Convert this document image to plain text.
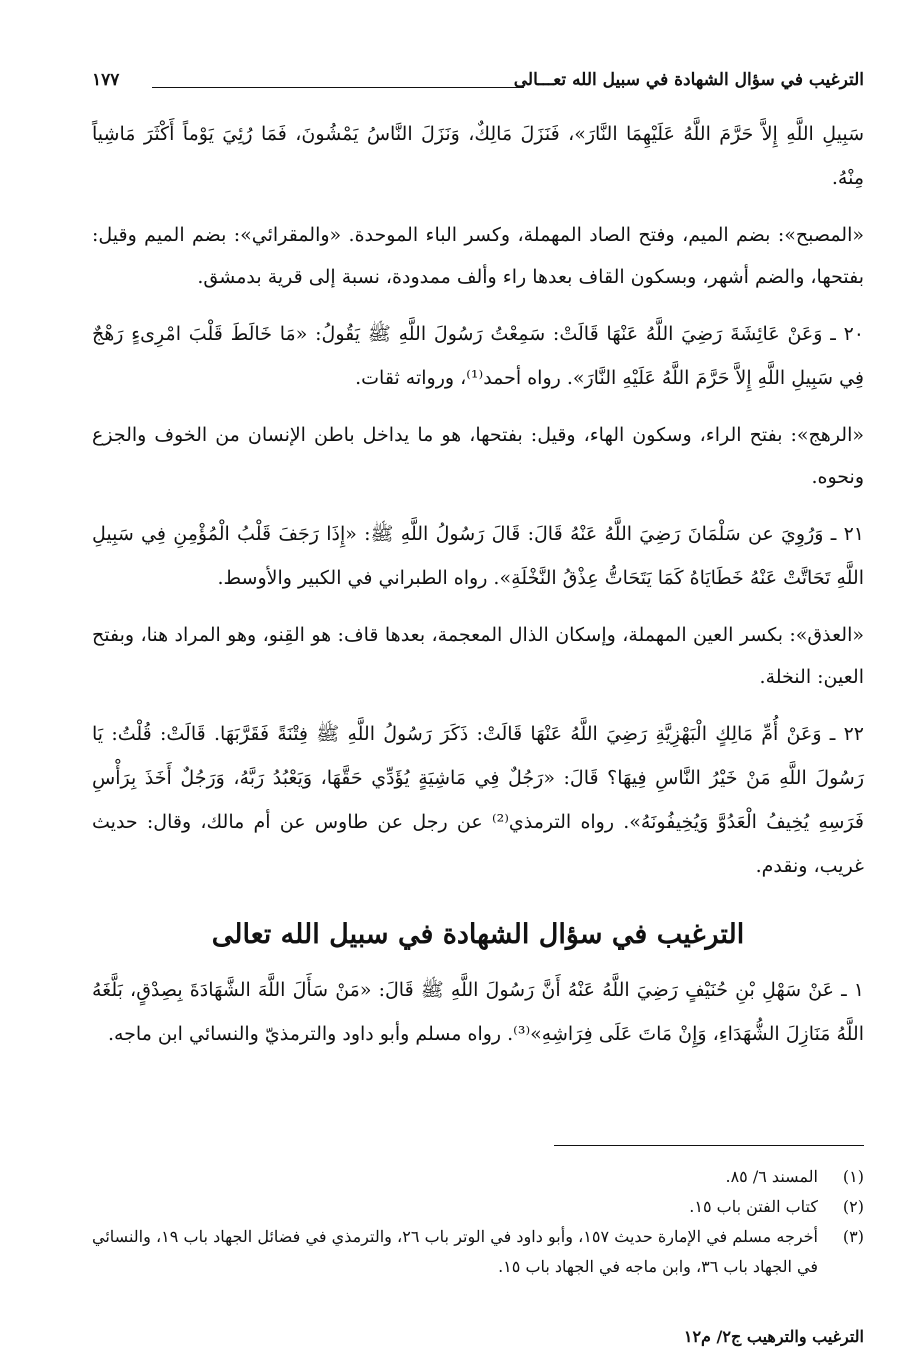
الترغيب في سؤال الشهادة في سبيل الله تعـــالى
١٧٧

سَبِيلِ اللَّهِ إِلاَّ حَرَّمَ اللَّهُ عَلَيْهِمَا النَّارَ»، فَنَزَلَ مَالِكٌ، وَنَزَلَ النَّاسُ يَمْشُونَ، فَمَا رُئِيَ يَوْماً أَكْثَرَ مَاشِياً مِنْهُ.

«المصبح»: بضم الميم، وفتح الصاد المهملة، وكسر الباء الموحدة. «والمقرائي»: بضم الميم وقيل: بفتحها، والضم أشهر، وبسكون القاف بعدها راء وألف ممدودة، نسبة إلى قرية بدمشق.

٢٠ ـ وَعَنْ عَائِشَةَ رَضِيَ اللَّهُ عَنْهَا قَالَتْ: سَمِعْتُ رَسُولَ اللَّهِ ﷺ يَقُولُ: «مَا خَالَطَ قَلْبَ امْرِىءٍ رَهْجٌ فِي سَبِيلِ اللَّهِ إِلاَّ حَرَّمَ اللَّهُ عَلَيْهِ النَّارَ». رواه أحمد⁽¹⁾، ورواته ثقات.

«الرهج»: بفتح الراء، وسكون الهاء، وقيل: بفتحها، هو ما يداخل باطن الإنسان من الخوف والجزع ونحوه.

٢١ ـ وَرُوِيَ عن سَلْمَانَ رَضِيَ اللَّهُ عَنْهُ قَالَ: قَالَ رَسُولُ اللَّهِ ﷺ: «إِذَا رَجَفَ قَلْبُ الْمُؤْمِنِ فِي سَبِيلِ اللَّهِ تَحَاتَّتْ عَنْهُ خَطَايَاهُ كَمَا يَتَحَاتُّ عِذْقُ النَّخْلَةِ». رواه الطبراني في الكبير والأوسط.

«العذق»: بكسر العين المهملة، وإسكان الذال المعجمة، بعدها قاف: هو القِنو، وهو المراد هنا، وبفتح العين: النخلة.

٢٢ ـ وَعَنْ أُمِّ مَالِكٍ الْبَهْزِيَّةِ رَضِيَ اللَّهُ عَنْهَا قَالَتْ: ذَكَرَ رَسُولُ اللَّهِ ﷺ فِتْنَةً فَقَرَّبَهَا. قَالَتْ: قُلْتُ: يَا رَسُولَ اللَّهِ مَنْ خَيْرُ النَّاسِ فِيهَا؟ قَالَ: «رَجُلٌ فِي مَاشِيَةٍ يُؤَدِّي حَقَّهَا، وَيَعْبُدُ رَبَّهُ، وَرَجُلٌ أَخَذَ بِرَأْسِ فَرَسِهِ يُخِيفُ الْعَدُوَّ وَيُخِيفُونَهُ». رواه الترمذي⁽²⁾ عن رجل عن طاوس عن أم مالك، وقال: حديث غريب، ونقدم.

الترغيب في سؤال الشهادة في سبيل الله تعالى

١ ـ عَنْ سَهْلِ بْنِ حُنَيْفٍ رَضِيَ اللَّهُ عَنْهُ أَنَّ رَسُولَ اللَّهِ ﷺ قَالَ: «مَنْ سَأَلَ اللَّهَ الشَّهَادَةَ بِصِدْقٍ، بَلَّغَهُ اللَّهُ مَنَازِلَ الشُّهَدَاءِ، وَإِنْ مَاتَ عَلَى فِرَاشِهِ»⁽³⁾. رواه مسلم وأبو داود والترمذيّ والنسائي ابن ماجه.

(١)
المسند ٦/ ٨٥.
(٢)
كتاب الفتن باب ١٥.
(٣)
أخرجه مسلم في الإمارة حديث ١٥٧، وأبو داود في الوتر باب ٢٦، والترمذي في فضائل الجهاد باب ١٩، والنسائي في الجهاد باب ٣٦، وابن ماجه في الجهاد باب ١٥.
الترغيب والترهيب ج٢/ م١٢
